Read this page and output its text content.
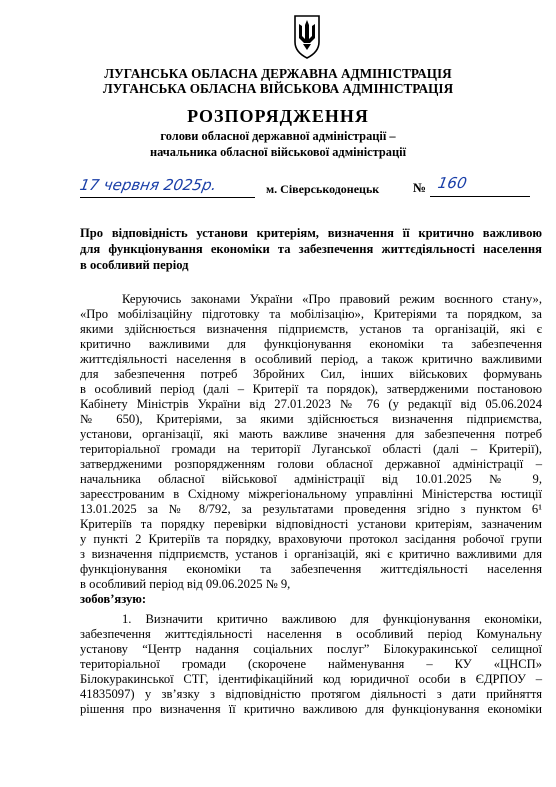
ЛУГАНСЬКА ОБЛАСНА ДЕРЖАВНА АДМІНІСТРАЦІЯ
ЛУГАНСЬКА ОБЛАСНА ВІЙСЬКОВА АДМІНІСТРАЦІЯ
РОЗПОРЯДЖЕННЯ
голови обласної державної адміністрації –
начальника обласної військової адміністрації
17 червня 2025р.	м. Сіверськодонецьк	№ 160
Про відповідність установи критеріям, визначення її критично важливою
для функціонування економіки та забезпечення життєдіяльності населення
в особливий період
Керуючись законами України «Про правовий режим воєнного стану»,
«Про мобілізаційну підготовку та мобілізацію», Критеріями та порядком, за
якими здійснюється визначення підприємств, установ та організацій, які є
критично важливими для функціонування економіки та забезпечення
життєдіяльності населення в особливий період, а також критично важливими
для забезпечення потреб Збройних Сил, інших військових формувань
в особливий період (далі – Критерії та порядок), затвердженими постановою
Кабінету Міністрів України від 27.01.2023 № 76 (у редакції від 05.06.2024
№ 650), Критеріями, за якими здійснюється визначення підприємства,
установи, організації, які мають важливе значення для забезпечення потреб
територіальної громади на території Луганської області (далі – Критерії),
затвердженими розпорядженням голови обласної державної адміністрації –
начальника обласної військової адміністрації від 10.01.2025 № 9,
зареєстрованим в Східному міжрегіональному управлінні Міністерства юстиції
13.01.2025 за № 8/792, за результатами проведення згідно з пунктом 6¹
Критеріїв та порядку перевірки відповідності установи критеріям, зазначеним
у пункті 2 Критеріїв та порядку, враховуючи протокол засідання робочої групи
з визначення підприємств, установ і організацій, які є критично важливими для
функціонування економіки та забезпечення життєдіяльності населення
в особливий період від 09.06.2025 № 9,
зобов’язую:
1. Визначити критично важливою для функціонування економіки,
забезпечення життєдіяльності населення в особливий період Комунальну
установу “Центр надання соціальних послуг” Білокуракинської селищної
територіальної громади (скорочене найменування – КУ «ЦНСП»
Білокуракинської СТГ, ідентифікаційний код юридичної особи в ЄДРПОУ –
41835097) у зв’язку з відповідністю протягом діяльності з дати прийняття
рішення про визначення її критично важливою для функціонування економіки
